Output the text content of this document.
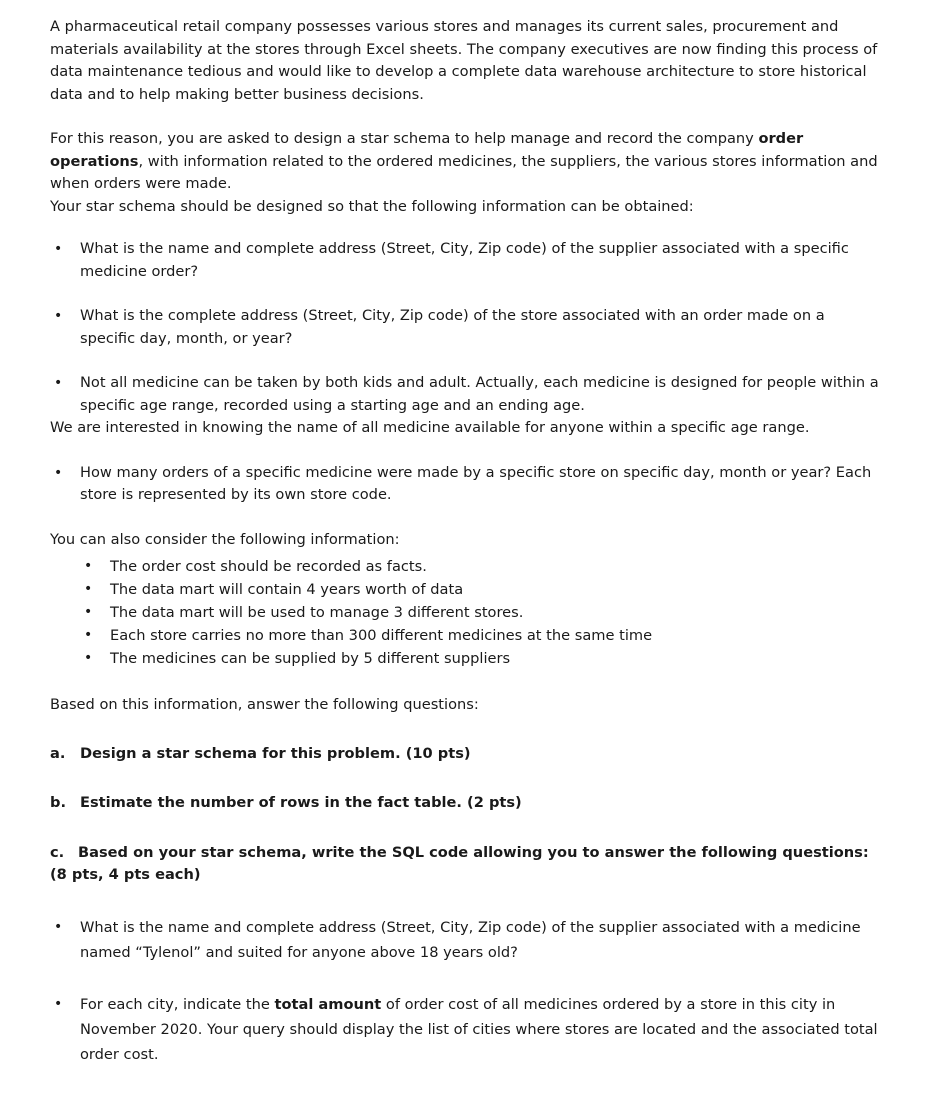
A pharmaceutical retail company possesses various stores and manages its current sales, procurement and materials availability at the stores through Excel sheets. The company executives are now finding this process of data maintenance tedious and would like to develop a complete data warehouse architecture to store historical data and to help making better business decisions.

For this reason, you are asked to design a star schema to help manage and record the company order operations, with information related to the ordered medicines, the suppliers, the various stores information and when orders were made.

Your star schema should be designed so that the following information can be obtained:

• What is the name and complete address (Street, City, Zip code) of the supplier associated with a specific medicine order?
• What is the complete address (Street, City, Zip code) of the store associated with an order made on a specific day, month, or year?
• Not all medicine can be taken by both kids and adult. Actually, each medicine is designed for people within a specific age range, recorded using a starting age and an ending age.

We are interested in knowing the name of all medicine available for anyone within a specific age range.

• How many orders of a specific medicine were made by a specific store on specific day, month or year? Each store is represented by its own store code.

You can also consider the following information:

• The order cost should be recorded as facts.
• The data mart will contain 4 years worth of data
• The data mart will be used to manage 3 different stores.
• Each store carries no more than 300 different medicines at the same time
• The medicines can be supplied by 5 different suppliers

Based on this information, answer the following questions:

a. Design a star schema for this problem. (10 pts)

b. Estimate the number of rows in the fact table. (2 pts)

c. Based on your star schema, write the SQL code allowing you to answer the following questions: (8 pts, 4 pts each)

• What is the name and complete address (Street, City, Zip code) of the supplier associated with a medicine named “Tylenol” and suited for anyone above 18 years old?
• For each city, indicate the total amount of order cost of all medicines ordered by a store in this city in November 2020. Your query should display the list of cities where stores are located and the associated total order cost.
